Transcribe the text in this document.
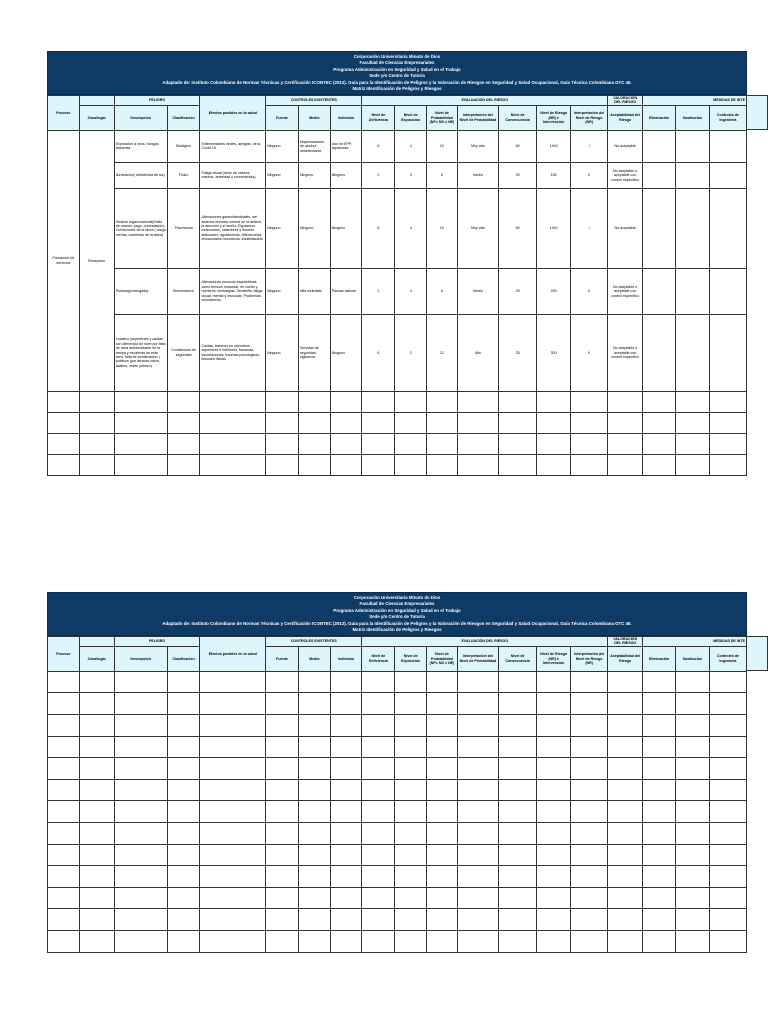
Corporación Universitaria Minuto de Dios
Facultad de Ciencias Empresariales
Programa Administración en Seguridad y Salud en el Trabajo
Sede y/o Centro de Tutoría
Adaptado de: Instituto Colombiano de Normas Técnicas y Certificación ICONTEC (2012). Guía para la Identificación de Peligros y la Valoración de Riesgos en Seguridad y Salud Ocupacional, Guía Técnica Colombiana GTC 45.
Matriz Identificación de Peligros y Riesgos
Proceso		PELIGRO		Efectos posibles en la salud	CONTROLES EXISTENTES			EVALUACIÓN DEL RIESGO							VALORACIÓN DEL RIESGO	MEDIDAS DE INTE		
	Zona/lugar	Descripción	Clasificación		Fuente	Medio	Individuo	Nivel de Deficiencia	Nivel de Exposición	Nivel de Probabilidad (NP= ND x NE)	Interpretación del Nivel de Probabilidad	Nivel de Consecuencia	Nivel de Riesgo (NR) e Intervención	Interpretación del Nivel de Riesgo (NR)	Aceptabilidad del Riesgo	Eliminación	Sustitución	Controles de Ingeniería
Prestación de servicios	Recepción	Exposición a virus, hongos, bacterias	Biológico	Enfermedades virales, alergias, virus Covid-19	Ninguno	Dispensadores de alcohol desinfectante	Uso de EPP, tapabocas	6	4	24	Muy alto	60	1440	I	No aceptable			
		Iluminación( deficiencia de luz)	Físico	Fatiga visual (dolor de cabeza, mareos, ansiedad o somnolencia).	Ninguno	Ninguno	Ninguno	2	3	6	medio	25	150	II	No aceptable o aceptable con control específico			
		Gestión organizacional(Estilo de mando, pago, contratación). Condiciones de la tarea ( carga mental, contenido de la tarea)	Psicosocial	Alteraciones gastrointestinales, del sistema nervioso central en la actitud, la atención y el sueño. Espasmos musculares, calambres y dolores articulares, agotamiento, Alteraciones emocionales monotonía, insatisfacción	Ninguno	Ninguno	Ninguno	6	4	24	Muy alto	60	1440	I	No aceptable			
		Postura(prolongada)	Biomecánico	Alteraciones musculo esqueléticas como tensión muscular, en cuello y hombros, lumbalgias. Tendinitis, fatiga visual, mental y muscular. Problemas circulatorios.	Ninguno	silla inclinable	Pausas activas	2	4	8	Medio	25	200	II	No aceptable o aceptable con control específico			
		Locativo (superficies y caídas con diferencia de nivel por falta de cinta antideslizante en la rampa y escaleras de esta área, falta de señalización ) públicos (por atracos,robos, asaltos, orden público)	Condiciones de seguridad	Caídas, lesiones en miembros superiores e inferiores, fracturas, escoriaciones, traumas psicologicos, lesiones físicas	Ninguno	Servidas de seguridad, vigilancia	Ninguno	6	2	12	Alto	25	300	II	No aceptable o aceptable con control específico			

Corporación Universitaria Minuto de Dios
Facultad de Ciencias Empresariales
Programa Administración en Seguridad y Salud en el Trabajo
Sede y/o Centro de Tutoría
Adaptado de: Instituto Colombiano de Normas Técnicas y Certificación ICONTEC (2012). Guía para la Identificación de Peligros y la Valoración de Riesgos en Seguridad y Salud Ocupacional, Guía Técnica Colombiana GTC 45.
Matriz Identificación de Peligros y Riesgos
Proceso		PELIGRO		Efectos posibles en la salud	CONTROLES EXISTENTES			EVALUACIÓN DEL RIESGO							VALORACIÓN DEL RIESGO	MEDIDAS DE INTE		
	Zona/lugar	Descripción	Clasificación		Fuente	Medio	Individuo	Nivel de Deficiencia	Nivel de Exposición	Nivel de Probabilidad (NP= ND x NE)	Interpretación del Nivel de Probabilidad	Nivel de Consecuencia	Nivel de Riesgo (NR) e Intervención	Interpretación del Nivel de Riesgo (NR)	Aceptabilidad del Riesgo	Eliminación	Sustitución	Controles de Ingeniería
